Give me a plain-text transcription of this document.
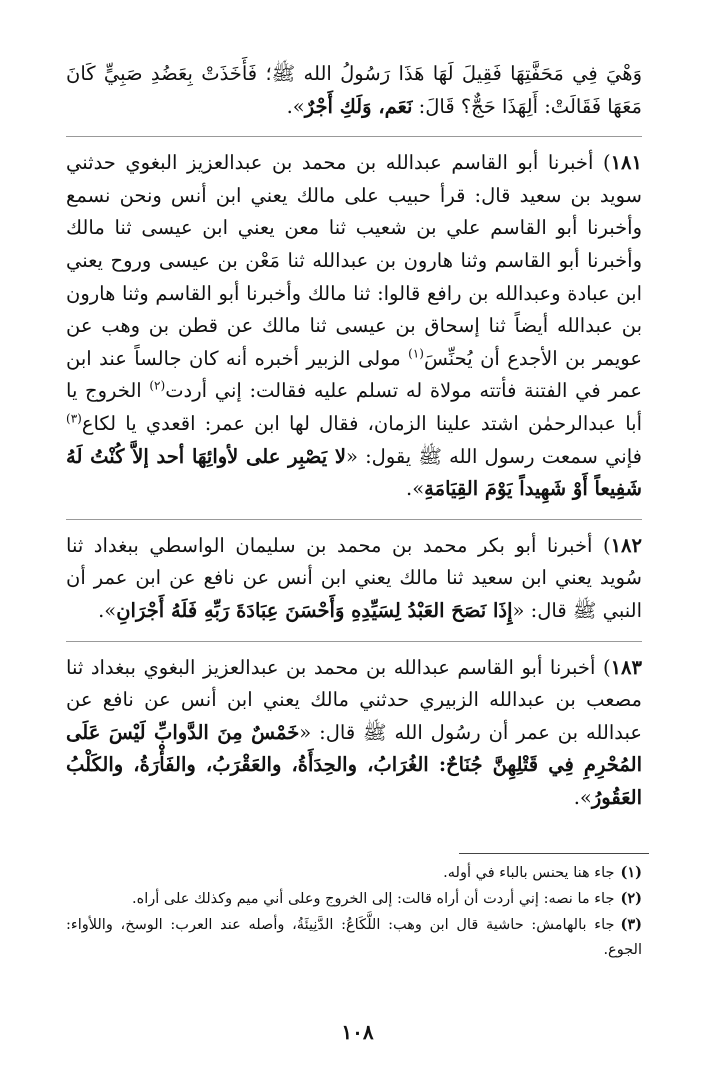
وَهْيَ فِي مَحَفَّتِهَا فَقِيلَ لَهَا هَذَا رَسُولُ الله ﷺ؛ فَأَخَذَتْ بِعَضُدِ صَبِيٍّ كَانَ مَعَهَا فَقَالَتْ: أَلِهَذَا حَجٌّ؟ قَالَ: نَعَم، وَلَكِ أَجْرٌ».

١٨١) أخبرنا أبو القاسم عبدالله بن محمد بن عبدالعزيز البغوي حدثني سويد بن سعيد قال: قرأ حبيب على مالك يعني ابن أنس ونحن نسمع وأخبرنا أبو القاسم علي بن شعيب ثنا معن يعني ابن عيسى ثنا مالك وأخبرنا أبو القاسم وثنا هارون بن عبدالله ثنا مَعْن بن عيسى وروح يعني ابن عبادة وعبدالله بن رافع قالوا: ثنا مالك وأخبرنا أبو القاسم وثنا هارون بن عبدالله أيضاً ثنا إسحاق بن عيسى ثنا مالك عن قطن بن وهب عن عويمر بن الأجدع أن يُحنِّسَ$^{(١)}$ مولى الزبير أخبره أنه كان جالساً عند ابن عمر في الفتنة فأتته مولاة له تسلم عليه فقالت: إني أردت$^{(٢)}$ الخروج يا أبا عبدالرحمٰن اشتد علينا الزمان، فقال لها ابن عمر: اقعدي يا لكاع$^{(٣)}$ فإني سمعت رسول الله ﷺ يقول: «لا يَصْبِر على لأوائِهَا أحد إلاَّ كُنْتُ لَهُ شَفِيعاً أَوْ شَهِيداً يَوْمَ القِيَامَةِ».

١٨٢) أخبرنا أبو بكر محمد بن محمد بن سليمان الواسطي ببغداد ثنا سُويد يعني ابن سعيد ثنا مالك يعني ابن أنس عن نافع عن ابن عمر أن النبي ﷺ قال: «إِذَا نَصَحَ العَبْدُ لِسَيِّدِهِ وَأَحْسَنَ عِبَادَةَ رَبِّهِ فَلَهُ أَجْرَانِ».

١٨٣) أخبرنا أبو القاسم عبدالله بن محمد بن عبدالعزيز البغوي ببغداد ثنا مصعب بن عبدالله الزبيري حدثني مالك يعني ابن أنس عن نافع عن عبدالله بن عمر أن رسُول الله ﷺ قال: «خَمْسٌ مِنَ الدَّوابِّ لَيْسَ عَلَى المُحْرِمِ فِي قَتْلِهِنَّ جُنَاحٌ: الغُرَابُ، والحِدَأَةُ، والعَقْرَبُ، والفَأْرَةُ، والكَلْبُ العَقُورُ».

(١)جاء هنا يحنس بالباء في أوله.

(٢)جاء ما نصه: إني أردت أن أراه قالت: إلى الخروج وعلى أني ميم وكذلك على أراه.

(٣)جاء بالهامش: حاشية قال ابن وهب: اللَّكَاعُ: الدَّنِيئَةُ، وأصله عند العرب: الوسخ، واللأواء: الجوع.

١٠٨
